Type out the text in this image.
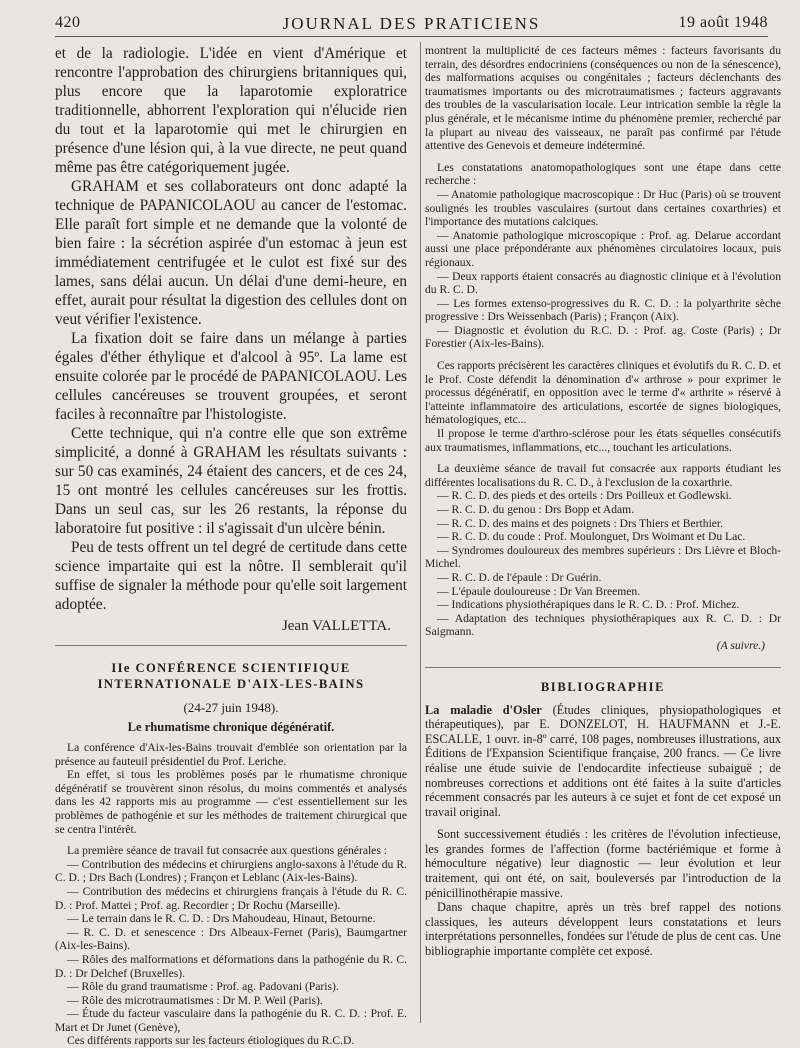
420	JOURNAL DES PRATICIENS	19 août 1948

et de la radiologie. L'idée en vient d'Amérique et rencontre l'approbation des chirurgiens britanniques qui, plus encore que la laparotomie exploratrice traditionnelle, abhorrent l'exploration qui n'élucide rien du tout et la laparotomie qui met le chirurgien en présence d'une lésion qui, à la vue directe, ne peut quand même pas être catégoriquement jugée.

GRAHAM et ses collaborateurs ont donc adapté la technique de PAPANICOLAOU au cancer de l'estomac. Elle paraît fort simple et ne demande que la volonté de bien faire : la sécrétion aspirée d'un estomac à jeun est immédiatement centrifugée et le culot est fixé sur des lames, sans délai aucun. Un délai d'une demi-heure, en effet, aurait pour résultat la digestion des cellules dont on veut vérifier l'existence.

La fixation doit se faire dans un mélange à parties égales d'éther éthylique et d'alcool à 95º. La lame est ensuite colorée par le procédé de PAPANICOLAOU. Les cellules cancéreuses se trouvent groupées, et seront faciles à reconnaître par l'histologiste.

Cette technique, qui n'a contre elle que son extrême simplicité, a donné à GRAHAM les résultats suivants : sur 50 cas examinés, 24 étaient des cancers, et de ces 24, 15 ont montré les cellules cancéreuses sur les frottis. Dans un seul cas, sur les 26 restants, la réponse du laboratoire fut positive : il s'agissait d'un ulcère bénin.

Peu de tests offrent un tel degré de certitude dans cette science impartaite qui est la nôtre. Il semblerait qu'il suffise de signaler la méthode pour qu'elle soit largement adoptée.

Jean VALLETTA.
IIe CONFÉRENCE SCIENTIFIQUE
INTERNATIONALE D'AIX-LES-BAINS
(24-27 juin 1948).
Le rhumatisme chronique dégénératif.

La conférence d'Aix-les-Bains trouvait d'emblée son orientation par la présence au fauteuil présidentiel du Prof. Leriche.

En effet, si tous les problèmes posés par le rhumatisme chronique dégénératif se trouvèrent sinon résolus, du moins commentés et analysés dans les 42 rapports mis au programme — c'est essentiellement sur les problèmes de pathogénie et sur les méthodes de traitement chirurgical que se centra l'intérêt.

La première séance de travail fut consacrée aux questions générales :

— Contribution des médecins et chirurgiens anglo-saxons à l'étude du R. C. D. ; Drs Bach (Londres) ; Françon et Leblanc (Aix-les-Bains).

— Contribution des médecins et chirurgiens français à l'étude du R. C. D. : Prof. Mattei ; Prof. ag. Recordier ; Dr Rochu (Marseille).

— Le terrain dans le R. C. D. : Drs Mahoudeau, Hinaut, Betourne.

— R. C. D. et senescence : Drs Albeaux-Fernet (Paris), Baumgartner (Aix-les-Bains).

— Rôles des malformations et déformations dans la pathogénie du R. C. D. : Dr Delchef (Bruxelles).

— Rôle du grand traumatisme : Prof. ag. Padovani (Paris).

— Rôle des microtraumatismes : Dr M. P. Weil (Paris).

— Étude du facteur vasculaire dans la pathogénie du R. C. D. : Prof. E. Mart et Dr Junet (Genève),

Ces différents rapports sur les facteurs étiologiques du R.C.D.

montrent la multiplicité de ces facteurs mêmes : facteurs favorisants du terrain, des désordres endocriniens (conséquences ou non de la sénescence), des malformations acquises ou congénitales ; facteurs déclenchants des traumatismes importants ou des microtraumatismes ; facteurs aggravants des troubles de la vascularisation locale. Leur intrication semble la règle la plus générale, et le mécanisme intime du phénomène premier, recherché par la plupart au niveau des vaisseaux, ne paraît pas confirmé par l'étude attentive des Genevois et demeure indéterminé.

Les constatations anatomopathologiques sont une étape dans cette recherche :

— Anatomie pathologique macroscopique : Dr Huc (Paris) où se trouvent soulignés les troubles vasculaires (surtout dans certaines coxarthries) et l'importance des mutations calciques.

— Anatomie pathologique microscopique : Prof. ag. Delarue accordant aussi une place prépondérante aux phénomènes circulatoires locaux, puis régionaux.

— Deux rapports étaient consacrés au diagnostic clinique et à l'évolution du R. C. D.

— Les formes extenso-progressives du R. C. D. : la polyarthrite sèche progressive : Drs Weissenbach (Paris) ; Françon (Aix).

— Diagnostic et évolution du R.C. D. : Prof. ag. Coste (Paris) ; Dr Forestier (Aix-les-Bains).

Ces rapports précisèrent les caractères cliniques et évolutifs du R. C. D. et le Prof. Coste défendit la dénomination d'« arthrose » pour exprimer le processus dégénératif, en opposition avec le terme d'« arthrite » réservé à l'atteinte inflammatoire des articulations, escortée de signes biologiques, hématologiques, etc...

Il propose le terme d'arthro-sclérose pour les états séquelles consécutifs aux traumatismes, inflammations, etc..., touchant les articulations.

La deuxième séance de travail fut consacrée aux rapports étudiant les différentes localisations du R. C. D., à l'exclusion de la coxarthrie.

— R. C. D. des pieds et des orteils : Drs Poilleux et Godlewski.

— R. C. D. du genou : Drs Bopp et Adam.

— R. C. D. des mains et des poignets : Drs Thiers et Berthier.

— R. C. D. du coude : Prof. Moulonguet, Drs Woimant et Du Lac.

— Syndromes douloureux des membres supérieurs : Drs Lièvre et Bloch-Michel.

— R. C. D. de l'épaule : Dr Guérin.

— L'épaule douloureuse : Dr Van Breemen.

— Indications physiothérapiques dans le R. C. D. : Prof. Michez.

— Adaptation des techniques physiothérapiques aux R. C. D. : Dr Saigmann.

(A suivre.)

BIBLIOGRAPHIE

La maladie d'Osler (Études cliniques, physiopathologiques et thérapeutiques), par E. DONZELOT, H. HAUFMANN et J.-E. ESCALLE, 1 ouvr. in-8º carré, 108 pages, nombreuses illustrations, aux Éditions de l'Expansion Scientifique française, 200 francs. — Ce livre réalise une étude suivie de l'endocardite infectieuse subaiguë ; de nombreuses corrections et additions ont été faites à la suite d'articles récemment consacrés par les auteurs à ce sujet et font de cet exposé un travail original.

Sont successivement étudiés : les critères de l'évolution infectieuse, les grandes formes de l'affection (forme bactériémique et forme à hémoculture négative) leur diagnostic — leur évolution et leur traitement, qui ont été, on sait, bouleversés par l'introduction de la pénicillinothérapie massive.

Dans chaque chapitre, après un très bref rappel des notions classiques, les auteurs développent leurs constatations et leurs interprétations personnelles, fondées sur l'étude de plus de cent cas. Une bibliographie importante complète cet exposé.
